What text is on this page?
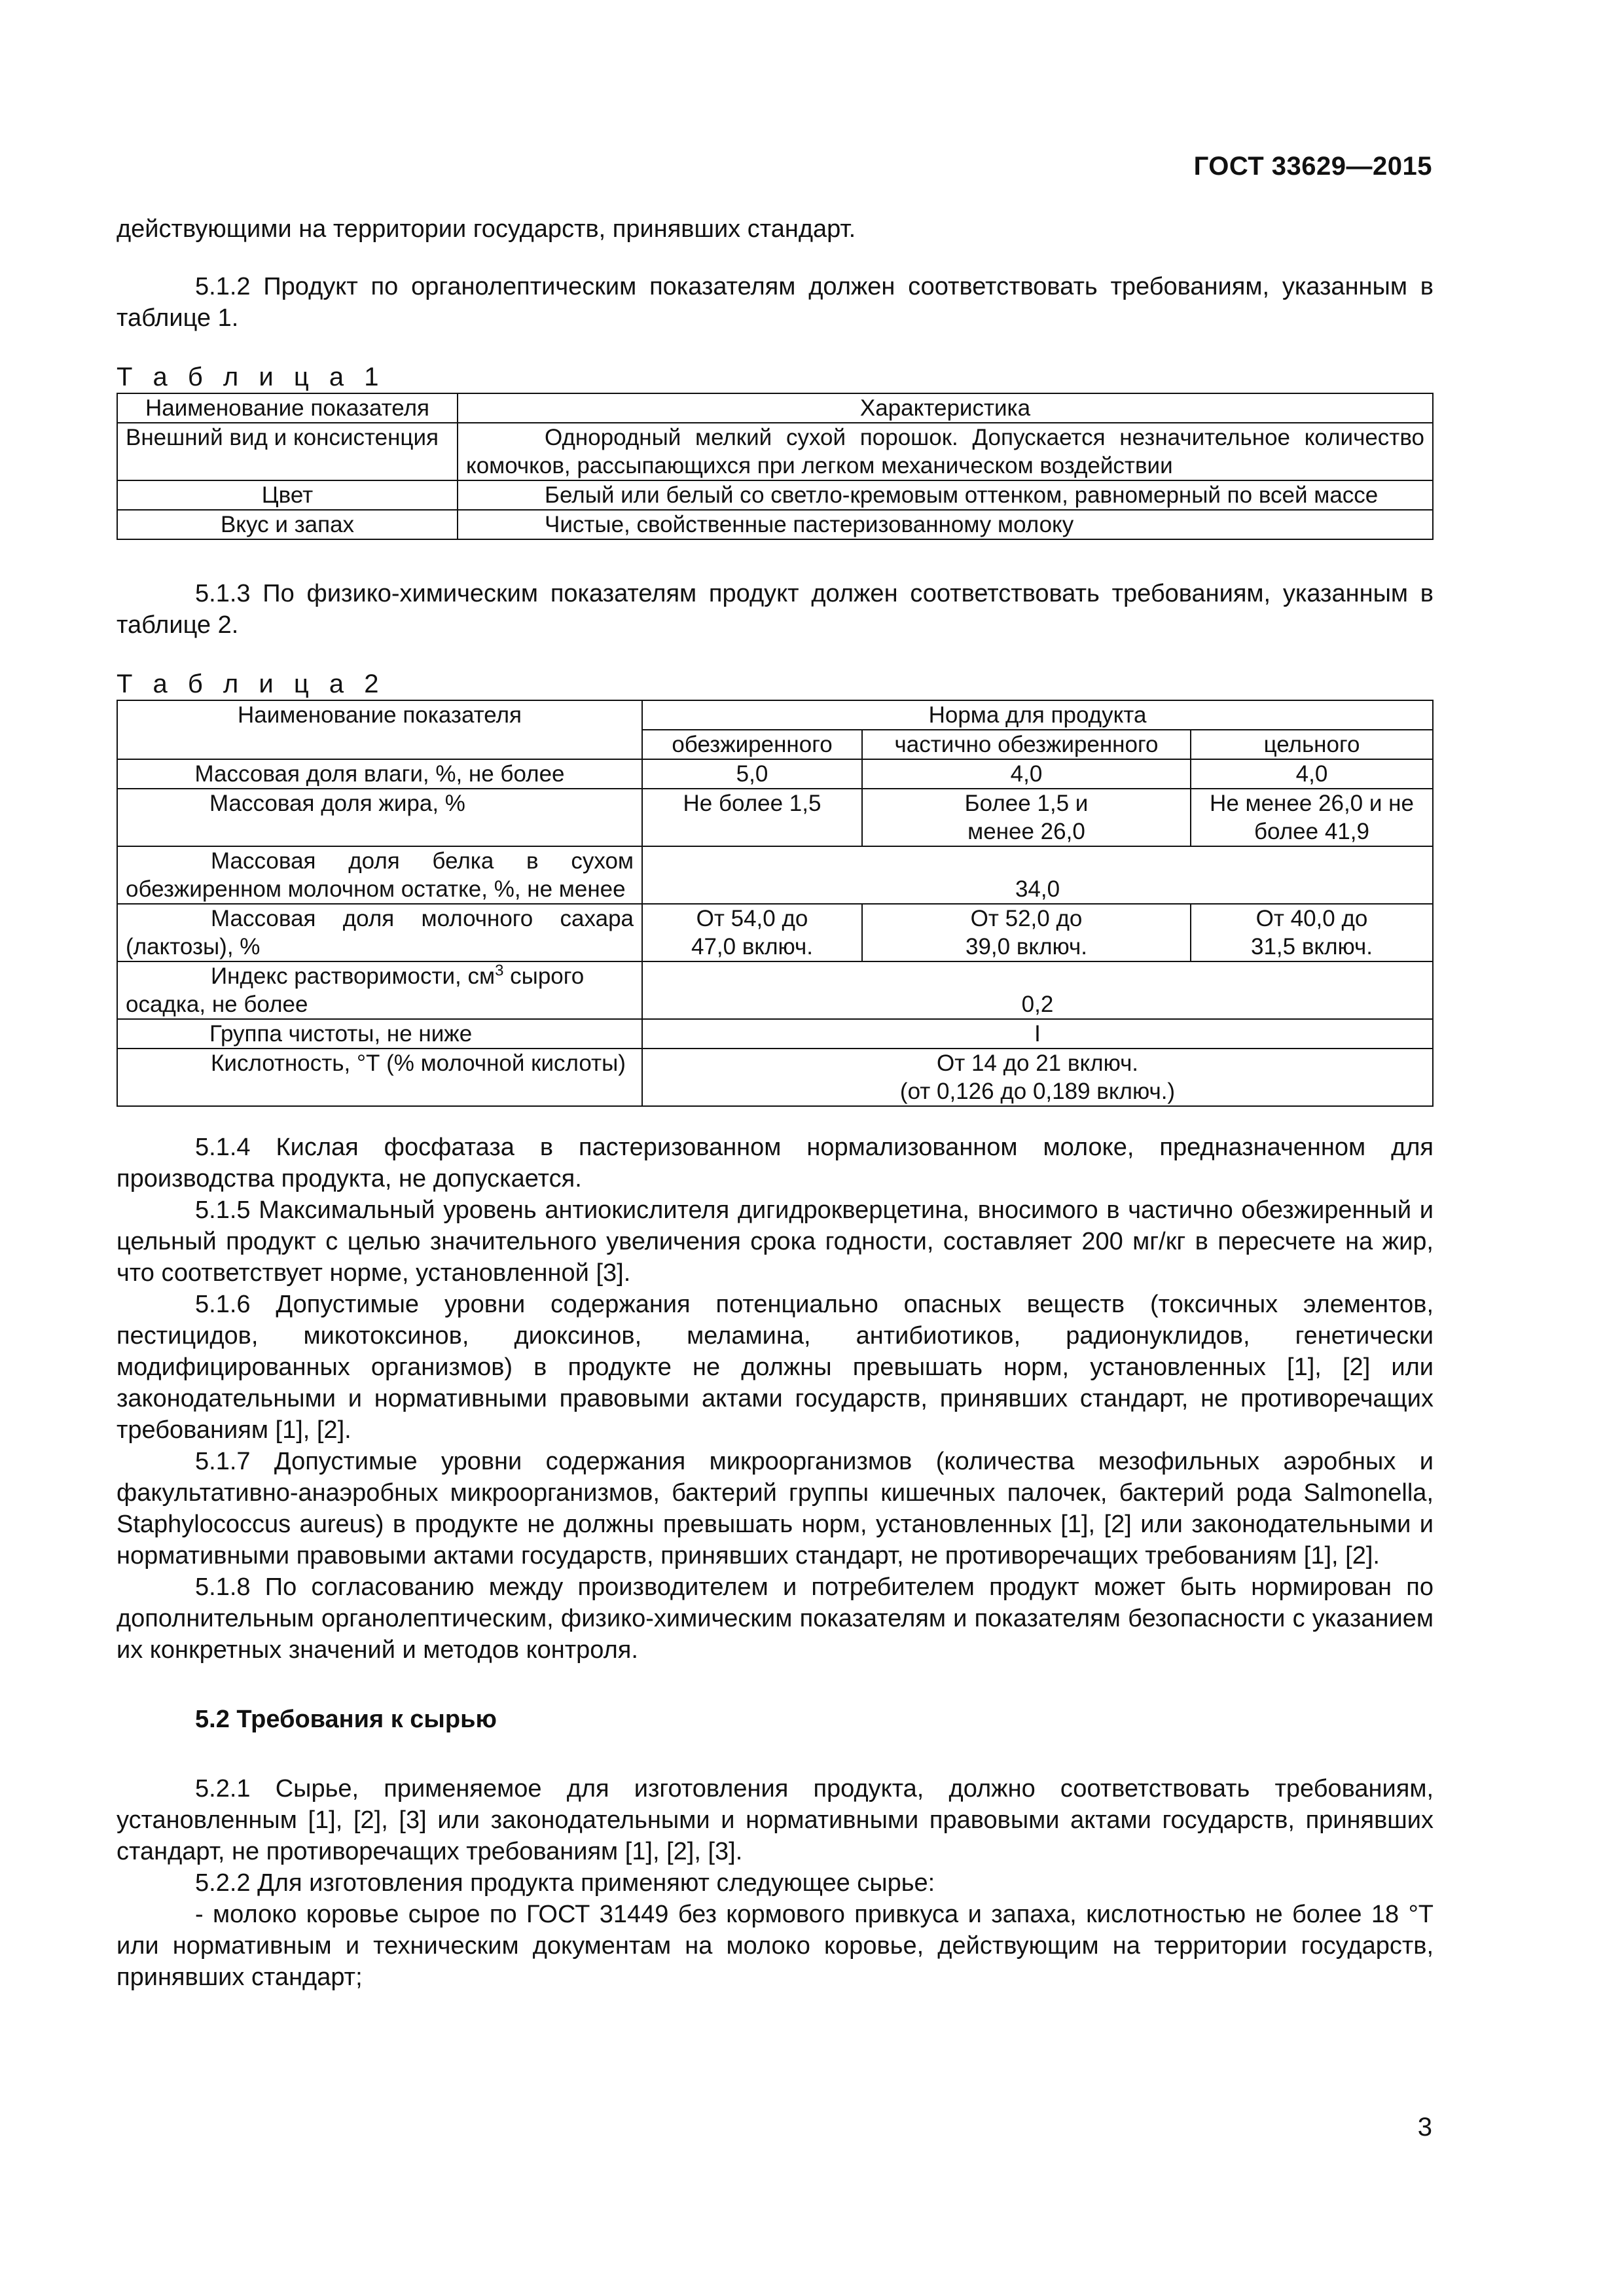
ГОСТ 33629—2015

действующими на территории государств, принявших стандарт.

5.1.2 Продукт по органолептическим показателям должен соответствовать требованиям, указанным в таблице 1.

Т а б л и ц а 1
Наименование показателя	Характеристика
Внешний вид и консистенция	Однородный мелкий сухой порошок. Допускается незначительное количество комочков, рассыпающихся при легком механическом воздействии
Цвет	Белый или белый со светло-кремовым оттенком, равномерный по всей массе
Вкус и запах	Чистые, свойственные пастеризованному молоку

5.1.3 По физико-химическим показателям продукт должен соответствовать требованиям, указанным в таблице 2.

Т а б л и ц а 2
Наименование показателя	Норма для продукта		
	обезжиренного	частично обезжиренного	цельного
Массовая доля влаги, %, не более	5,0	4,0	4,0
Массовая доля жира, %	Не более 1,5	Более 1,5 и менее 26,0	Не менее 26,0 и не более 41,9
Массовая доля белка в сухом обезжиренном молочном остатке, %, не менее	34,0		
Массовая доля молочного сахара (лактозы), %	От 54,0 до 47,0 включ.	От 52,0 до 39,0 включ.	От 40,0 до 31,5 включ.
Индекс растворимости, $см^3$ сырого осадка, не более	0,2		
Группа чистоты, не ниже	I		
Кислотность, °Т (% молочной кислоты)	От 14 до 21 включ.
(от 0,126 до 0,189 включ.)		

5.1.4 Кислая фосфатаза в пастеризованном нормализованном молоке, предназначенном для производства продукта, не допускается.

5.1.5 Максимальный уровень антиокислителя дигидрокверцетина, вносимого в частично обезжиренный и цельный продукт с целью значительного увеличения срока годности, составляет 200 мг/кг в пересчете на жир, что соответствует норме, установленной [3].

5.1.6 Допустимые уровни содержания потенциально опасных веществ (токсичных элементов, пестицидов, микотоксинов, диоксинов, меламина, антибиотиков, радионуклидов, генетически модифицированных организмов) в продукте не должны превышать норм, установленных [1], [2] или законодательными и нормативными правовыми актами государств, принявших стандарт, не противоречащих требованиям [1], [2].

5.1.7 Допустимые уровни содержания микроорганизмов (количества мезофильных аэробных и факультативно-анаэробных микроорганизмов, бактерий группы кишечных палочек, бактерий рода Salmonella, Staphylococcus aureus) в продукте не должны превышать норм, установленных [1], [2] или законодательными и нормативными правовыми актами государств, принявших стандарт, не противоречащих требованиям [1], [2].

5.1.8 По согласованию между производителем и потребителем продукт может быть нормирован по дополнительным органолептическим, физико-химическим показателям и показателям безопасности с указанием их конкретных значений и методов контроля.

5.2 Требования к сырью

5.2.1 Сырье, применяемое для изготовления продукта, должно соответствовать требованиям, установленным [1], [2], [3] или законодательными и нормативными правовыми актами государств, принявших стандарт, не противоречащих требованиям [1], [2], [3].

5.2.2 Для изготовления продукта применяют следующее сырье:

- молоко коровье сырое по ГОСТ 31449 без кормового привкуса и запаха, кислотностью не более 18 °Т или нормативным и техническим документам на молоко коровье, действующим на территории государств, принявших стандарт;

3
